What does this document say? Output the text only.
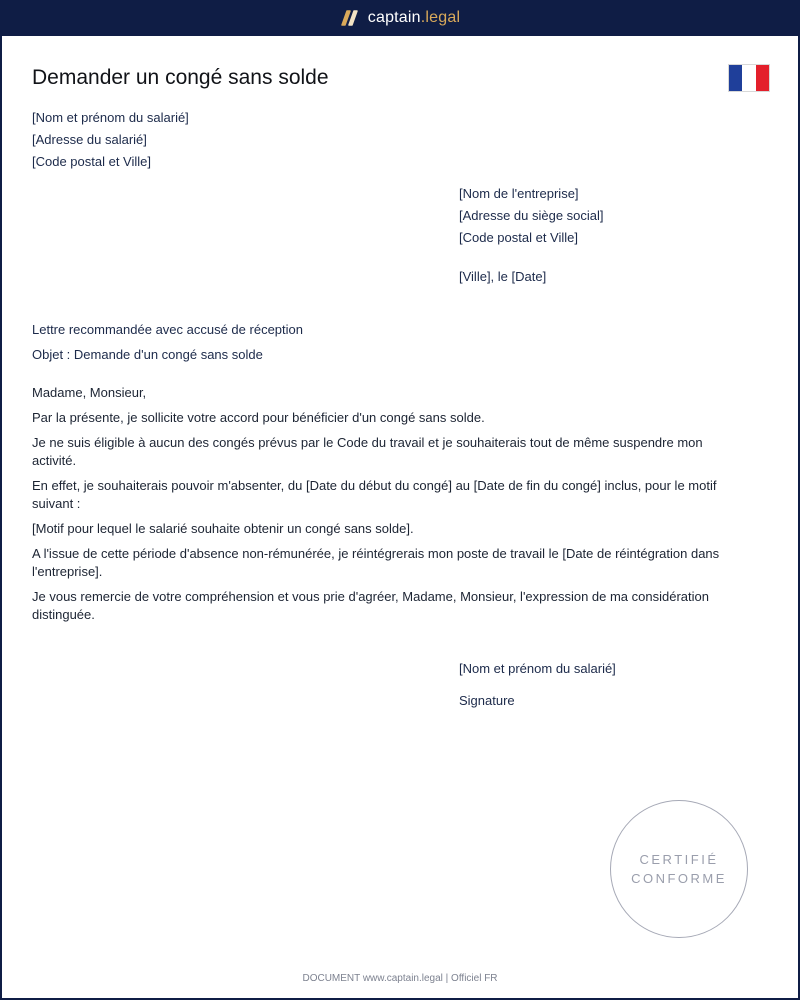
captain.legal
Demander un congé sans solde
[Nom et prénom du salarié]
[Adresse du salarié]
[Code postal et Ville]
[Nom de l'entreprise]
[Adresse du siège social]
[Code postal et Ville]
[Ville], le [Date]
Lettre recommandée avec accusé de réception
Objet : Demande d'un congé sans solde

Madame, Monsieur,

Par la présente, je sollicite votre accord pour bénéficier d'un congé sans solde.

Je ne suis éligible à aucun des congés prévus par le Code du travail et je souhaiterais tout de même suspendre mon activité.

En effet, je souhaiterais pouvoir m'absenter, du [Date du début du congé] au [Date de fin du congé] inclus, pour le motif suivant :

[Motif pour lequel le salarié souhaite obtenir un congé sans solde].

A l'issue de cette période d'absence non-rémunérée, je réintégrerais mon poste de travail le [Date de réintégration dans l'entreprise].

Je vous remercie de votre compréhension et vous prie d'agréer, Madame, Monsieur, l'expression de ma considération distinguée.

[Nom et prénom du salarié]
Signature
CERTIFIÉ
CONFORME
DOCUMENT www.captain.legal | Officiel FR
